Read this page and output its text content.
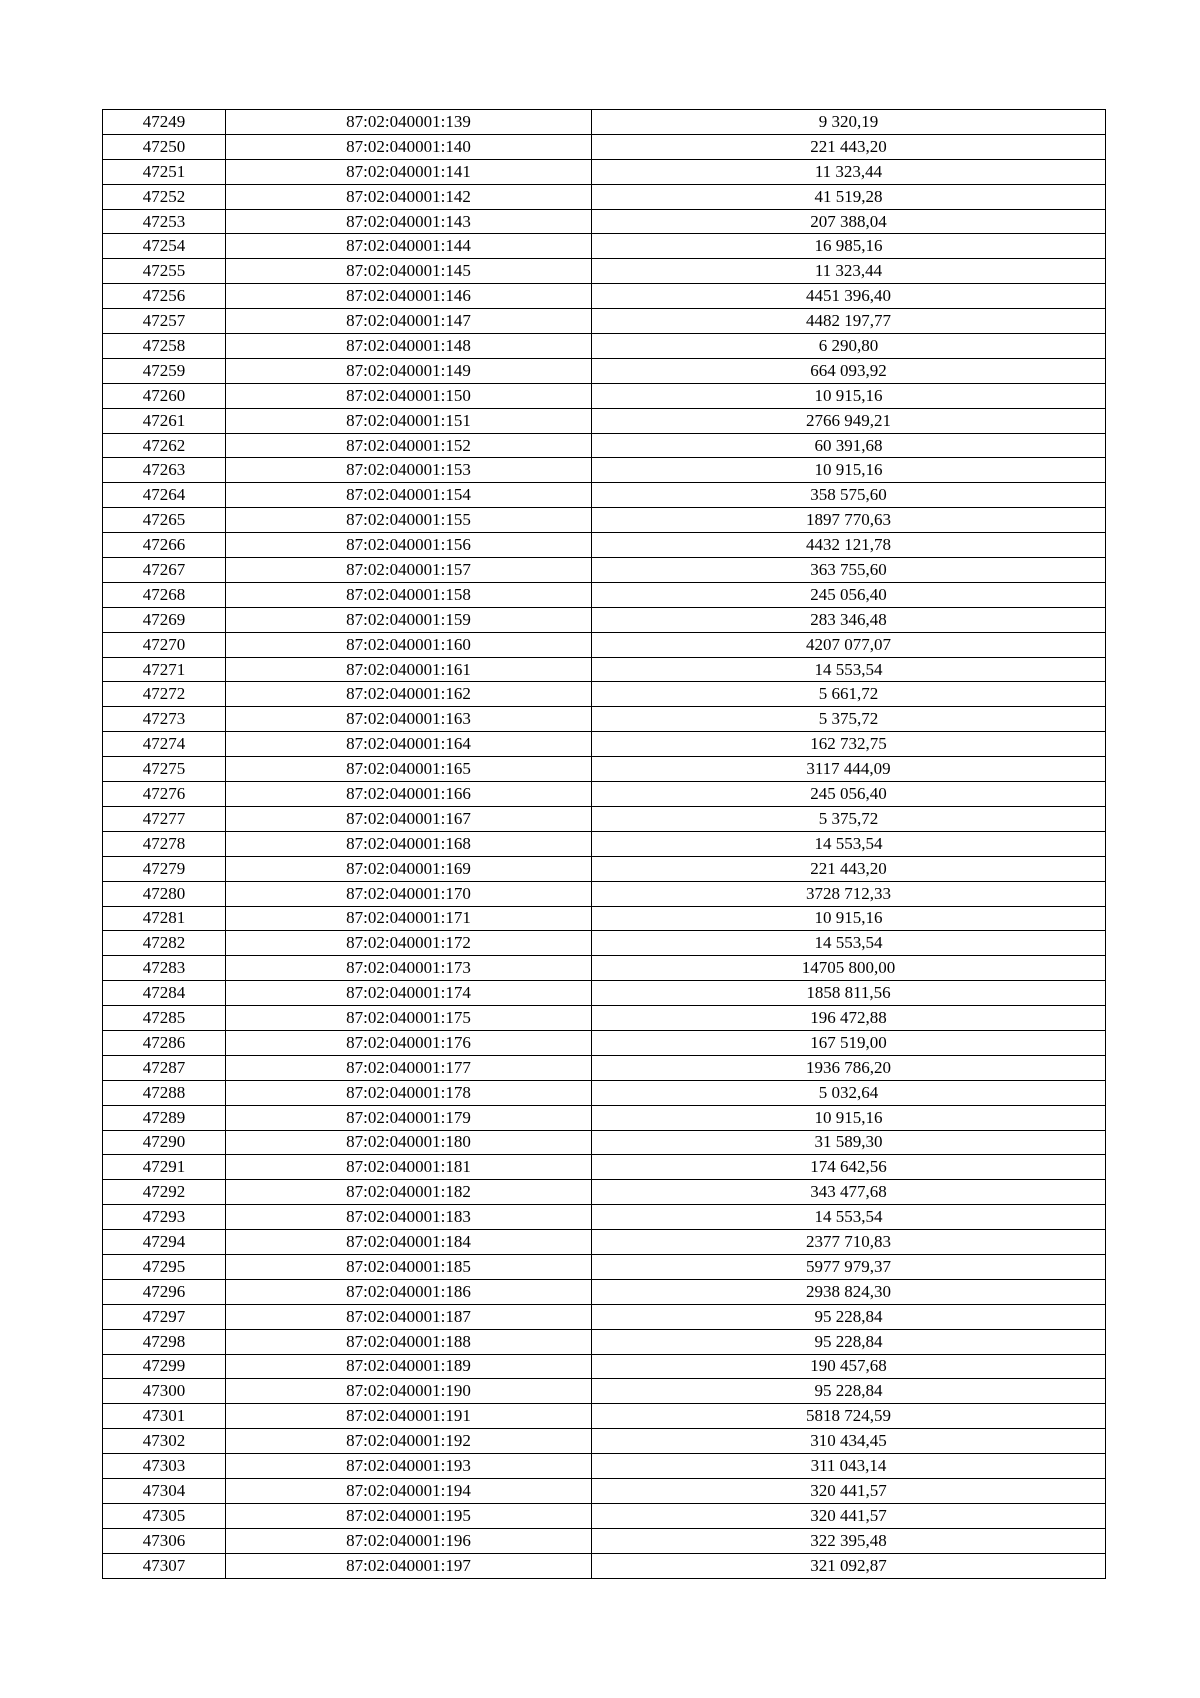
47249	87:02:040001:139	9 320,19
47250	87:02:040001:140	221 443,20
47251	87:02:040001:141	11 323,44
47252	87:02:040001:142	41 519,28
47253	87:02:040001:143	207 388,04
47254	87:02:040001:144	16 985,16
47255	87:02:040001:145	11 323,44
47256	87:02:040001:146	4451 396,40
47257	87:02:040001:147	4482 197,77
47258	87:02:040001:148	6 290,80
47259	87:02:040001:149	664 093,92
47260	87:02:040001:150	10 915,16
47261	87:02:040001:151	2766 949,21
47262	87:02:040001:152	60 391,68
47263	87:02:040001:153	10 915,16
47264	87:02:040001:154	358 575,60
47265	87:02:040001:155	1897 770,63
47266	87:02:040001:156	4432 121,78
47267	87:02:040001:157	363 755,60
47268	87:02:040001:158	245 056,40
47269	87:02:040001:159	283 346,48
47270	87:02:040001:160	4207 077,07
47271	87:02:040001:161	14 553,54
47272	87:02:040001:162	5 661,72
47273	87:02:040001:163	5 375,72
47274	87:02:040001:164	162 732,75
47275	87:02:040001:165	3117 444,09
47276	87:02:040001:166	245 056,40
47277	87:02:040001:167	5 375,72
47278	87:02:040001:168	14 553,54
47279	87:02:040001:169	221 443,20
47280	87:02:040001:170	3728 712,33
47281	87:02:040001:171	10 915,16
47282	87:02:040001:172	14 553,54
47283	87:02:040001:173	14705 800,00
47284	87:02:040001:174	1858 811,56
47285	87:02:040001:175	196 472,88
47286	87:02:040001:176	167 519,00
47287	87:02:040001:177	1936 786,20
47288	87:02:040001:178	5 032,64
47289	87:02:040001:179	10 915,16
47290	87:02:040001:180	31 589,30
47291	87:02:040001:181	174 642,56
47292	87:02:040001:182	343 477,68
47293	87:02:040001:183	14 553,54
47294	87:02:040001:184	2377 710,83
47295	87:02:040001:185	5977 979,37
47296	87:02:040001:186	2938 824,30
47297	87:02:040001:187	95 228,84
47298	87:02:040001:188	95 228,84
47299	87:02:040001:189	190 457,68
47300	87:02:040001:190	95 228,84
47301	87:02:040001:191	5818 724,59
47302	87:02:040001:192	310 434,45
47303	87:02:040001:193	311 043,14
47304	87:02:040001:194	320 441,57
47305	87:02:040001:195	320 441,57
47306	87:02:040001:196	322 395,48
47307	87:02:040001:197	321 092,87
